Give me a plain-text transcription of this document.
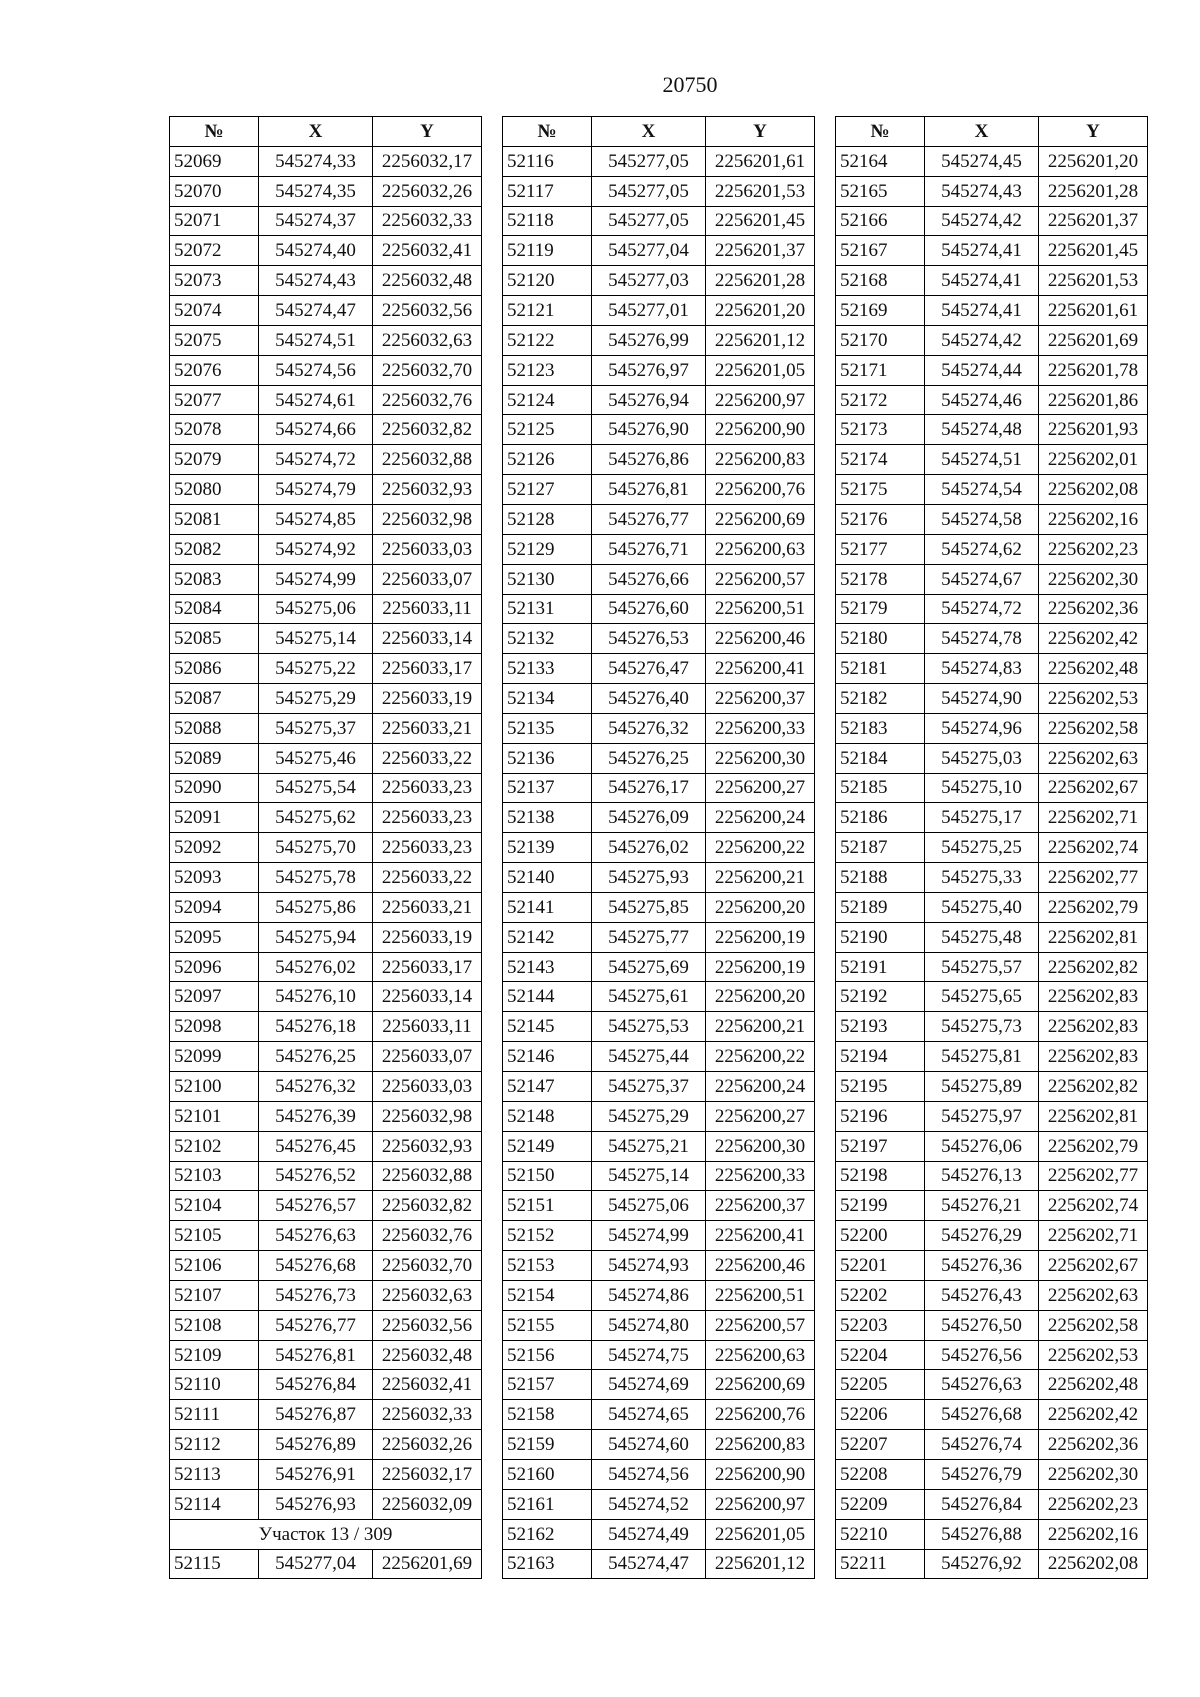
20750
№	X	Y
52069	545274,33	2256032,17
52070	545274,35	2256032,26
52071	545274,37	2256032,33
52072	545274,40	2256032,41
52073	545274,43	2256032,48
52074	545274,47	2256032,56
52075	545274,51	2256032,63
52076	545274,56	2256032,70
52077	545274,61	2256032,76
52078	545274,66	2256032,82
52079	545274,72	2256032,88
52080	545274,79	2256032,93
52081	545274,85	2256032,98
52082	545274,92	2256033,03
52083	545274,99	2256033,07
52084	545275,06	2256033,11
52085	545275,14	2256033,14
52086	545275,22	2256033,17
52087	545275,29	2256033,19
52088	545275,37	2256033,21
52089	545275,46	2256033,22
52090	545275,54	2256033,23
52091	545275,62	2256033,23
52092	545275,70	2256033,23
52093	545275,78	2256033,22
52094	545275,86	2256033,21
52095	545275,94	2256033,19
52096	545276,02	2256033,17
52097	545276,10	2256033,14
52098	545276,18	2256033,11
52099	545276,25	2256033,07
52100	545276,32	2256033,03
52101	545276,39	2256032,98
52102	545276,45	2256032,93
52103	545276,52	2256032,88
52104	545276,57	2256032,82
52105	545276,63	2256032,76
52106	545276,68	2256032,70
52107	545276,73	2256032,63
52108	545276,77	2256032,56
52109	545276,81	2256032,48
52110	545276,84	2256032,41
52111	545276,87	2256032,33
52112	545276,89	2256032,26
52113	545276,91	2256032,17
52114	545276,93	2256032,09
Участок 13 / 309		
52115	545277,04	2256201,69
№	X	Y
52116	545277,05	2256201,61
52117	545277,05	2256201,53
52118	545277,05	2256201,45
52119	545277,04	2256201,37
52120	545277,03	2256201,28
52121	545277,01	2256201,20
52122	545276,99	2256201,12
52123	545276,97	2256201,05
52124	545276,94	2256200,97
52125	545276,90	2256200,90
52126	545276,86	2256200,83
52127	545276,81	2256200,76
52128	545276,77	2256200,69
52129	545276,71	2256200,63
52130	545276,66	2256200,57
52131	545276,60	2256200,51
52132	545276,53	2256200,46
52133	545276,47	2256200,41
52134	545276,40	2256200,37
52135	545276,32	2256200,33
52136	545276,25	2256200,30
52137	545276,17	2256200,27
52138	545276,09	2256200,24
52139	545276,02	2256200,22
52140	545275,93	2256200,21
52141	545275,85	2256200,20
52142	545275,77	2256200,19
52143	545275,69	2256200,19
52144	545275,61	2256200,20
52145	545275,53	2256200,21
52146	545275,44	2256200,22
52147	545275,37	2256200,24
52148	545275,29	2256200,27
52149	545275,21	2256200,30
52150	545275,14	2256200,33
52151	545275,06	2256200,37
52152	545274,99	2256200,41
52153	545274,93	2256200,46
52154	545274,86	2256200,51
52155	545274,80	2256200,57
52156	545274,75	2256200,63
52157	545274,69	2256200,69
52158	545274,65	2256200,76
52159	545274,60	2256200,83
52160	545274,56	2256200,90
52161	545274,52	2256200,97
52162	545274,49	2256201,05
52163	545274,47	2256201,12
№	X	Y
52164	545274,45	2256201,20
52165	545274,43	2256201,28
52166	545274,42	2256201,37
52167	545274,41	2256201,45
52168	545274,41	2256201,53
52169	545274,41	2256201,61
52170	545274,42	2256201,69
52171	545274,44	2256201,78
52172	545274,46	2256201,86
52173	545274,48	2256201,93
52174	545274,51	2256202,01
52175	545274,54	2256202,08
52176	545274,58	2256202,16
52177	545274,62	2256202,23
52178	545274,67	2256202,30
52179	545274,72	2256202,36
52180	545274,78	2256202,42
52181	545274,83	2256202,48
52182	545274,90	2256202,53
52183	545274,96	2256202,58
52184	545275,03	2256202,63
52185	545275,10	2256202,67
52186	545275,17	2256202,71
52187	545275,25	2256202,74
52188	545275,33	2256202,77
52189	545275,40	2256202,79
52190	545275,48	2256202,81
52191	545275,57	2256202,82
52192	545275,65	2256202,83
52193	545275,73	2256202,83
52194	545275,81	2256202,83
52195	545275,89	2256202,82
52196	545275,97	2256202,81
52197	545276,06	2256202,79
52198	545276,13	2256202,77
52199	545276,21	2256202,74
52200	545276,29	2256202,71
52201	545276,36	2256202,67
52202	545276,43	2256202,63
52203	545276,50	2256202,58
52204	545276,56	2256202,53
52205	545276,63	2256202,48
52206	545276,68	2256202,42
52207	545276,74	2256202,36
52208	545276,79	2256202,30
52209	545276,84	2256202,23
52210	545276,88	2256202,16
52211	545276,92	2256202,08
